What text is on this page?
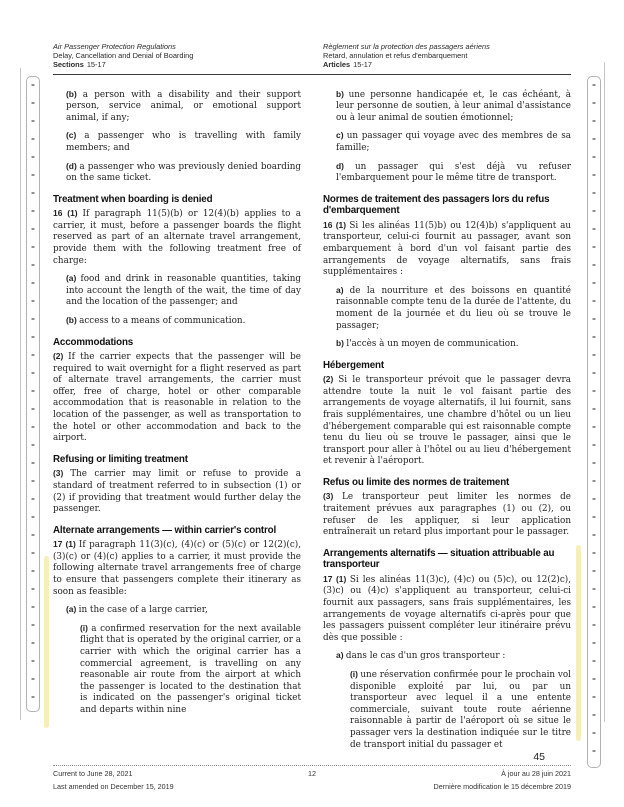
Air Passenger Protection Regulations
Delay, Cancellation and Denial of Boarding
Sections 15-17
Règlement sur la protection des passagers aériens
Retard, annulation et refus d'embarquement
Articles 15-17
(b) a person with a disability and their support person, service animal, or emotional support animal, if any;
(c) a passenger who is travelling with family members; and
(d) a passenger who was previously denied boarding on the same ticket.
Treatment when boarding is denied
16 (1) If paragraph 11(5)(b) or 12(4)(b) applies to a carrier, it must, before a passenger boards the flight reserved as part of an alternate travel arrangement, provide them with the following treatment free of charge:
(a) food and drink in reasonable quantities, taking into account the length of the wait, the time of day and the location of the passenger; and
(b) access to a means of communication.
Accommodations
(2) If the carrier expects that the passenger will be required to wait overnight for a flight reserved as part of alternate travel arrangements, the carrier must offer, free of charge, hotel or other comparable accommodation that is reasonable in relation to the location of the passenger, as well as transportation to the hotel or other accommodation and back to the airport.
Refusing or limiting treatment
(3) The carrier may limit or refuse to provide a standard of treatment referred to in subsection (1) or (2) if providing that treatment would further delay the passenger.
Alternate arrangements — within carrier's control
17 (1) If paragraph 11(3)(c), (4)(c) or (5)(c) or 12(2)(c), (3)(c) or (4)(c) applies to a carrier, it must provide the following alternate travel arrangements free of charge to ensure that passengers complete their itinerary as soon as feasible:
(a) in the case of a large carrier,
(i) a confirmed reservation for the next available flight that is operated by the original carrier, or a carrier with which the original carrier has a commercial agreement, is travelling on any reasonable air route from the airport at which the passenger is located to the destination that is indicated on the passenger's original ticket and departs within nine
b) une personne handicapée et, le cas échéant, à leur personne de soutien, à leur animal d'assistance ou à leur animal de soutien émotionnel;
c) un passager qui voyage avec des membres de sa famille;
d) un passager qui s'est déjà vu refuser l'embarquement pour le même titre de transport.
Normes de traitement des passagers lors du refus d'embarquement
16 (1) Si les alinéas 11(5)b) ou 12(4)b) s'appliquent au transporteur, celui-ci fournit au passager, avant son embarquement à bord d'un vol faisant partie des arrangements de voyage alternatifs, sans frais supplémentaires :
a) de la nourriture et des boissons en quantité raisonnable compte tenu de la durée de l'attente, du moment de la journée et du lieu où se trouve le passager;
b) l'accès à un moyen de communication.
Hébergement
(2) Si le transporteur prévoit que le passager devra attendre toute la nuit le vol faisant partie des arrangements de voyage alternatifs, il lui fournit, sans frais supplémentaires, une chambre d'hôtel ou un lieu d'hébergement comparable qui est raisonnable compte tenu du lieu où se trouve le passager, ainsi que le transport pour aller à l'hôtel ou au lieu d'hébergement et revenir à l'aéroport.
Refus ou limite des normes de traitement
(3) Le transporteur peut limiter les normes de traitement prévues aux paragraphes (1) ou (2), ou refuser de les appliquer, si leur application entraînerait un retard plus important pour le passager.
Arrangements alternatifs — situation attribuable au transporteur
17 (1) Si les alinéas 11(3)c), (4)c) ou (5)c), ou 12(2)c), (3)c) ou (4)c) s'appliquent au transporteur, celui-ci fournit aux passagers, sans frais supplémentaires, les arrangements de voyage alternatifs ci-après pour que les passagers puissent compléter leur itinéraire prévu dès que possible :
a) dans le cas d'un gros transporteur :
(i) une réservation confirmée pour le prochain vol disponible exploité par lui, ou par un transporteur avec lequel il a une entente commerciale, suivant toute route aérienne raisonnable à partir de l'aéroport où se situe le passager vers la destination indiquée sur le titre de transport initial du passager et
45
Current to June 28, 2021	12	À jour au 28 juin 2021
Last amended on December 15, 2019	Dernière modification le 15 décembre 2019
